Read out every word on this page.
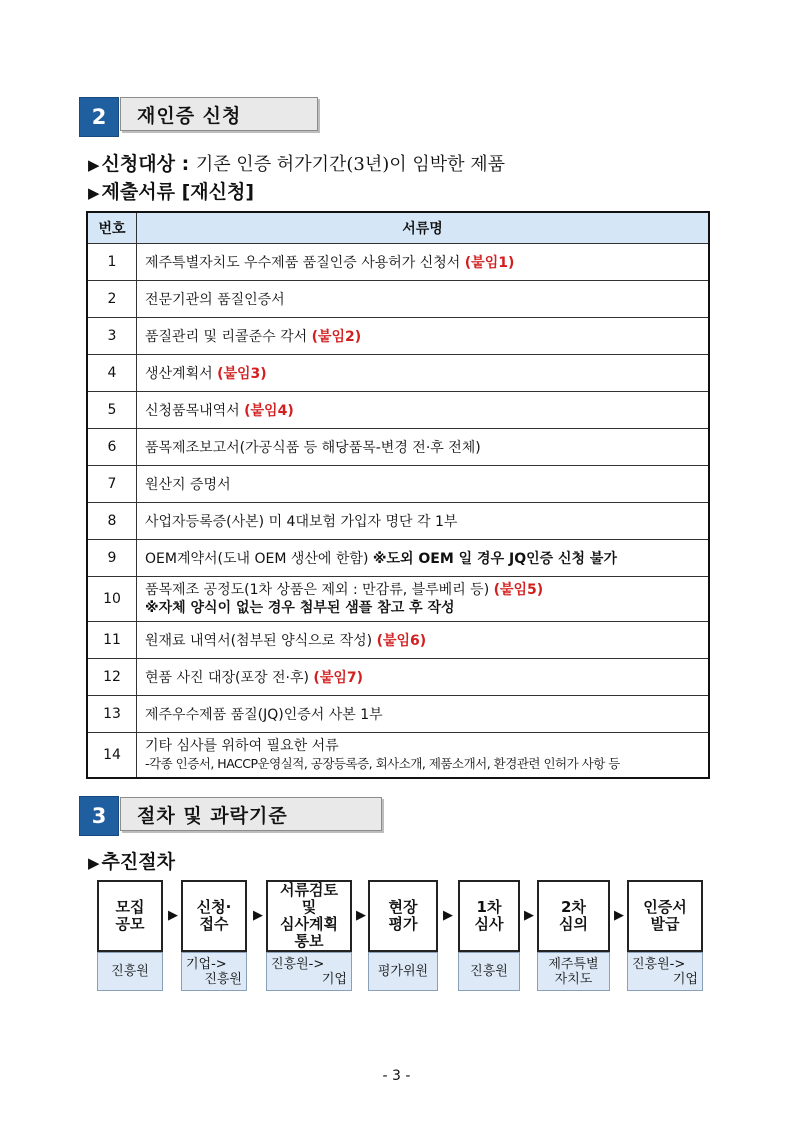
2	재인증 신청
▶ 신청대상 : 기존 인증 허가기간(3년)이 임박한 제품
▶ 제출서류 [재신청]
번호	서류명
1	제주특별자치도 우수제품 품질인증 사용허가 신청서 (붙임1)
2	전문기관의 품질인증서
3	품질관리 및 리콜준수 각서 (붙임2)
4	생산계획서 (붙임3)
5	신청품목내역서 (붙임4)
6	품목제조보고서(가공식품 등 해당품목-변경 전·후 전체)
7	원산지 증명서
8	사업자등록증(사본) 미 4대보험 가입자 명단 각 1부
9	OEM계약서(도내 OEM 생산에 한함) ※도외 OEM 일 경우 JQ인증 신청 불가
10	품목제조 공정도(1차 상품은 제외 : 만감류, 블루베리 등) (붙임5)
※자체 양식이 없는 경우 첨부된 샘플 참고 후 작성

11	원재료 내역서(첨부된 양식으로 작성) (붙임6)
12	현품 사진 대장(포장 전·후) (붙임7)
13	제주우수제품 품질(JQ)인증서 사본 1부
14	기타 심사를 위하여 필요한 서류
-각종 인증서, HACCP운영실적, 공장등록증, 회사소개, 제품소개서, 환경관련 인허가 사항 등
3	절차 및 과락기준
▶ 추진절차
모집
공모
진흥원
▶ 신청·
접수
기업->
진흥원
▶
서류검토
및
심사계획
통보
진흥원->
기업
▶ 현장
평가
평가위원
▶ 1차
심사
진흥원
▶ 2차
심의
제주특별
자치도
▶ 인증서
발급
진흥원->
기업
- 3 -
